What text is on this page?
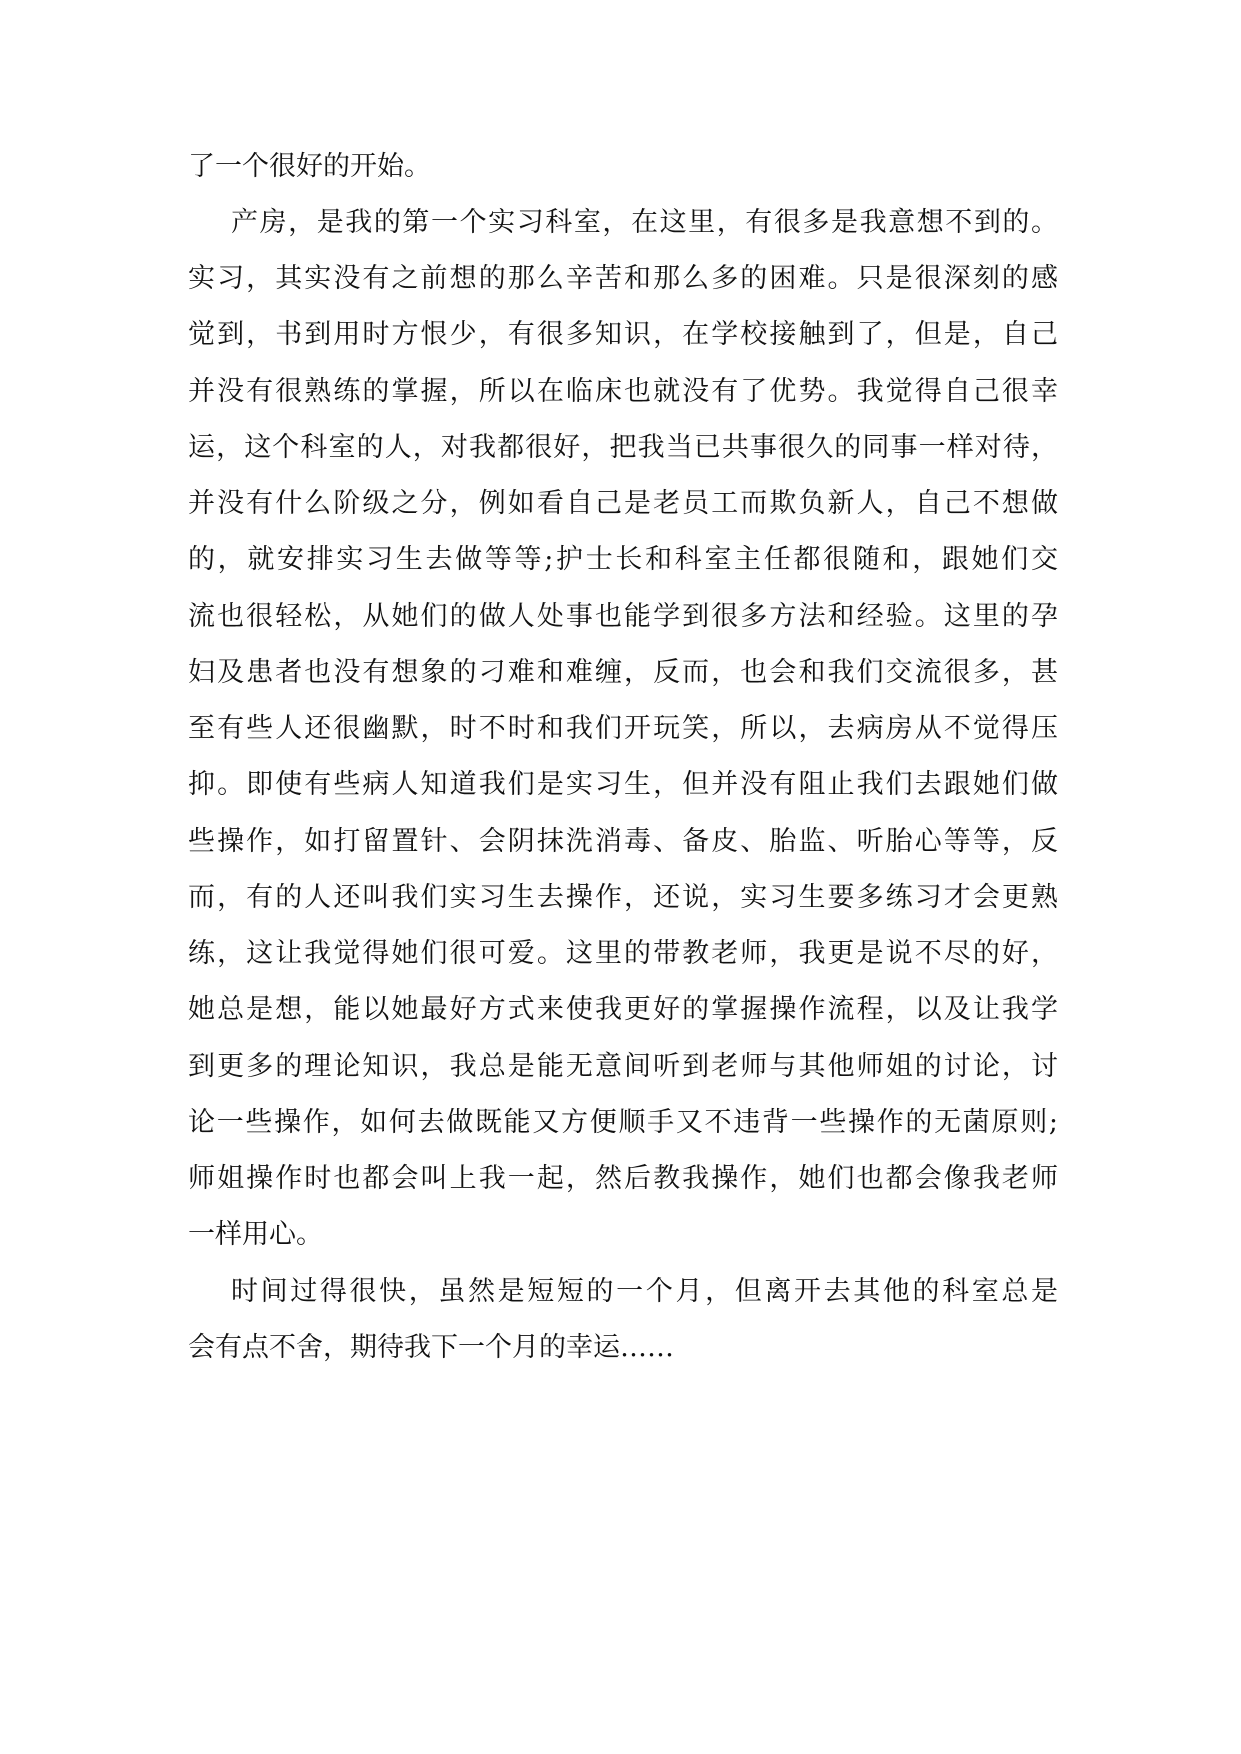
了一个很好的开始。

产房，是我的第一个实习科室，在这里，有很多是我意想不到的。

实习，其实没有之前想的那么辛苦和那么多的困难。只是很深刻的感

觉到，书到用时方恨少，有很多知识，在学校接触到了，但是，自己

并没有很熟练的掌握，所以在临床也就没有了优势。我觉得自己很幸

运，这个科室的人，对我都很好，把我当已共事很久的同事一样对待，

并没有什么阶级之分，例如看自己是老员工而欺负新人，自己不想做

的，就安排实习生去做等等;护士长和科室主任都很随和，跟她们交

流也很轻松，从她们的做人处事也能学到很多方法和经验。这里的孕

妇及患者也没有想象的刁难和难缠，反而，也会和我们交流很多，甚

至有些人还很幽默，时不时和我们开玩笑，所以，去病房从不觉得压

抑。即使有些病人知道我们是实习生，但并没有阻止我们去跟她们做

些操作，如打留置针、会阴抹洗消毒、备皮、胎监、听胎心等等，反

而，有的人还叫我们实习生去操作，还说，实习生要多练习才会更熟

练，这让我觉得她们很可爱。这里的带教老师，我更是说不尽的好，

她总是想，能以她最好方式来使我更好的掌握操作流程，以及让我学

到更多的理论知识，我总是能无意间听到老师与其他师姐的讨论，讨

论一些操作，如何去做既能又方便顺手又不违背一些操作的无菌原则;

师姐操作时也都会叫上我一起，然后教我操作，她们也都会像我老师

一样用心。

时间过得很快，虽然是短短的一个月，但离开去其他的科室总是

会有点不舍，期待我下一个月的幸运……
